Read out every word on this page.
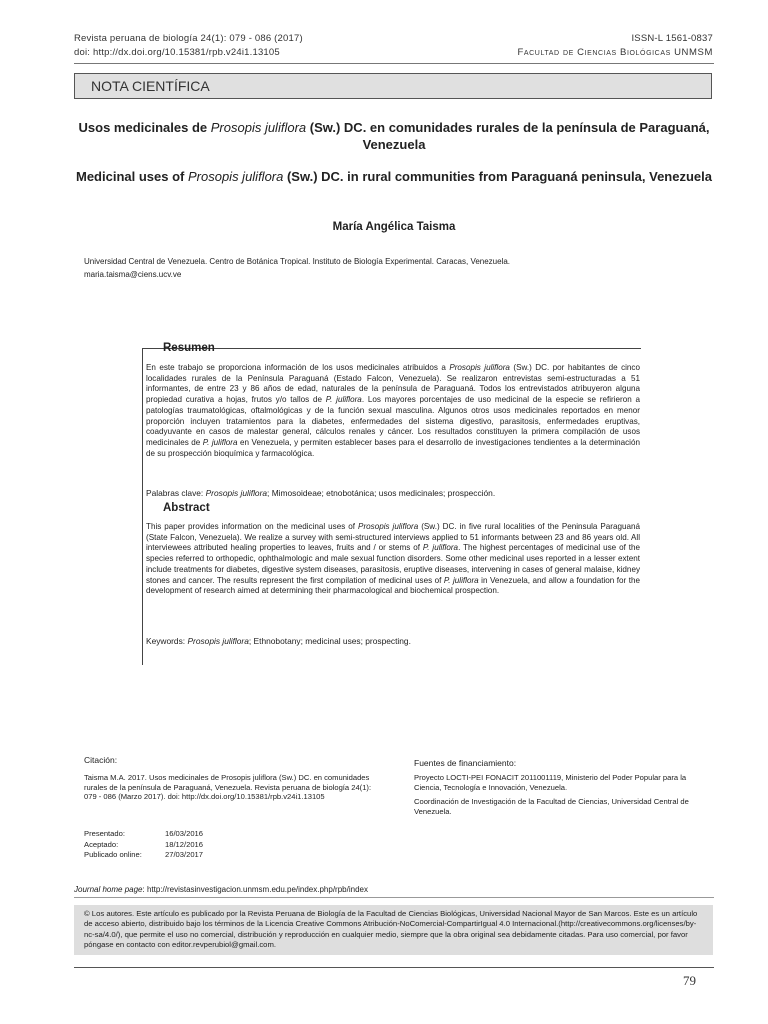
Revista peruana de biología 24(1): 079 - 086 (2017)
doi: http://dx.doi.org/10.15381/rpb.v24i1.13105
ISSN-L 1561-0837
Facultad de Ciencias Biológicas UNMSM
NOTA CIENTÍFICA
Usos medicinales de Prosopis juliflora (Sw.) DC. en comunidades rurales de la península de Paraguaná, Venezuela
Medicinal uses of Prosopis juliflora (Sw.) DC. in rural communities from Paraguaná peninsula, Venezuela
María Angélica Taisma
Universidad Central de Venezuela. Centro de Botánica Tropical. Instituto de Biología Experimental. Caracas, Venezuela.
maria.taisma@ciens.ucv.ve
Resumen
En este trabajo se proporciona información de los usos medicinales atribuidos a Prosopis juliflora (Sw.) DC. por habitantes de cinco localidades rurales de la Península Paraguaná (Estado Falcon, Venezuela). Se realizaron entrevistas semi-estructuradas a 51 informantes, de entre 23 y 86 años de edad, naturales de la península de Paraguaná. Todos los entrevistados atribuyeron alguna propiedad curativa a hojas, frutos y/o tallos de P. juliflora. Los mayores porcentajes de uso medicinal de la especie se refirieron a patologías traumatológicas, oftalmológicas y de la función sexual masculina. Algunos otros usos medicinales reportados en menor proporción incluyen tratamientos para la diabetes, enfermedades del sistema digestivo, parasitosis, enfermedades eruptivas, coadyuvante en casos de malestar general, cálculos renales y cáncer. Los resultados constituyen la primera compilación de usos medicinales de P. juliflora en Venezuela, y permiten establecer bases para el desarrollo de investigaciones tendientes a la determinación de su prospección bioquímica y farmacológica.
Palabras clave: Prosopis juliflora; Mimosoideae; etnobotánica; usos medicinales; prospección.
Abstract
This paper provides information on the medicinal uses of Prosopis juliflora (Sw.) DC. in five rural localities of the Peninsula Paraguaná (State Falcon, Venezuela). We realize a survey with semi-structured interviews applied to 51 informants between 23 and 86 years old. All interviewees attributed healing properties to leaves, fruits and / or stems of P. juliflora. The highest percentages of medicinal use of the species referred to orthopedic, ophthalmologic and male sexual function disorders. Some other medicinal uses reported in a lesser extent include treatments for diabetes, digestive system diseases, parasitosis, eruptive diseases, intervening in cases of general malaise, kidney stones and cancer. The results represent the first compilation of medicinal uses of P. juliflora in Venezuela, and allow a foundation for the development of research aimed at determining their pharmacological and biochemical prospection.
Keywords: Prosopis juliflora; Ethnobotany; medicinal uses; prospecting.
Citación:
Taisma M.A. 2017. Usos medicinales de Prosopis juliflora (Sw.) DC. en comunidades rurales de la península de Paraguaná, Venezuela. Revista peruana de biología 24(1): 079 - 086 (Marzo 2017). doi: http://dx.doi.org/10.15381/rpb.v24i1.13105
Presentado:	16/03/2016
Aceptado:	18/12/2016
Publicado online:	27/03/2017
Fuentes de financiamiento:
Proyecto LOCTI-PEI FONACIT 2011001119, Ministerio del Poder Popular para la Ciencia, Tecnología e Innovación, Venezuela.
Coordinación de Investigación de la Facultad de Ciencias, Universidad Central de Venezuela.
Journal home page: http://revistasinvestigacion.unmsm.edu.pe/index.php/rpb/index

© Los autores. Este artículo es publicado por la Revista Peruana de Biología de la Facultad de Ciencias Biológicas, Universidad Nacional Mayor de San Marcos. Este es un artículo de acceso abierto, distribuido bajo los términos de la Licencia Creative Commons Atribución-NoComercial-CompartirIgual 4.0 Internacional.(http://creativecommons.org/licenses/by-nc-sa/4.0/), que permite el uso no comercial, distribución y reproducción en cualquier medio, siempre que la obra original sea debidamente citadas. Para uso comercial, por favor póngase en contacto con editor.revperubiol@gmail.com.

79
